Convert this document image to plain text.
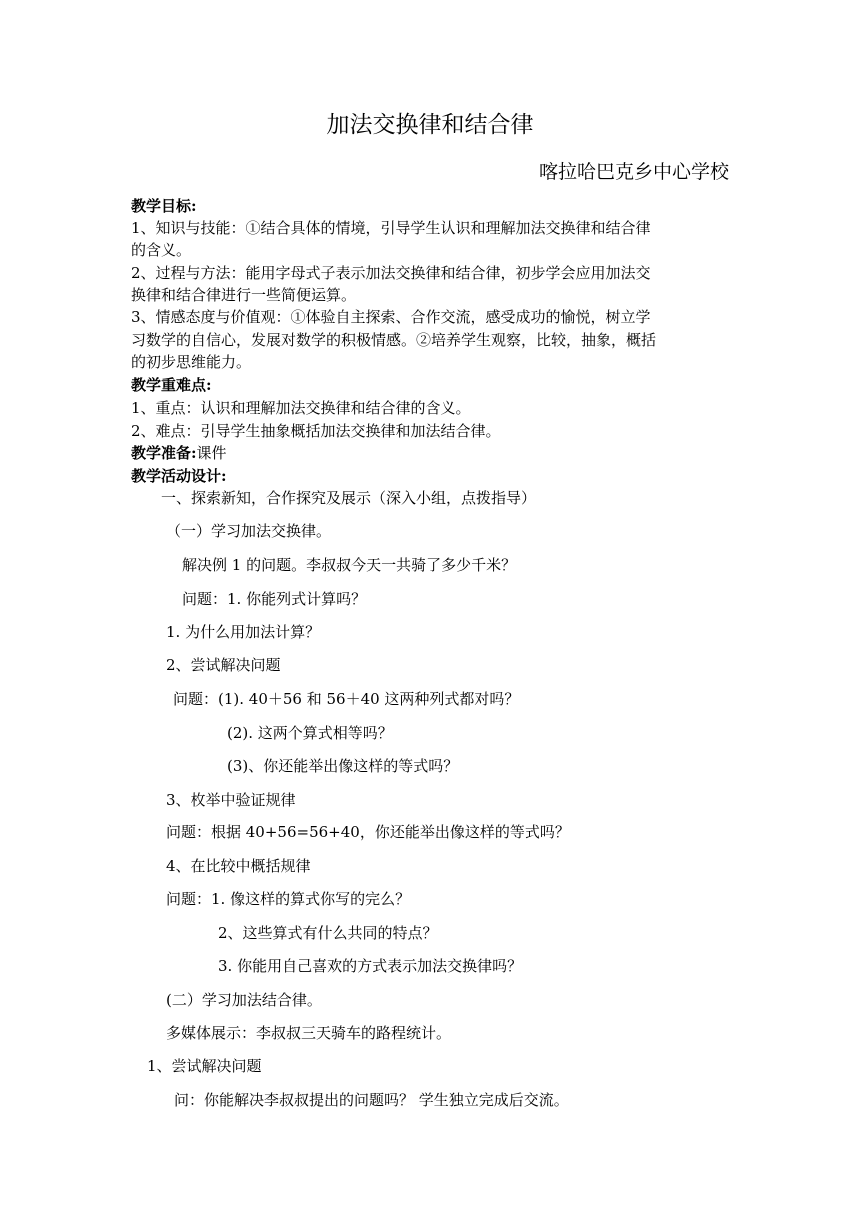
加法交换律和结合律
喀拉哈巴克乡中心学校
教学目标:
1、知识与技能：①结合具体的情境，引导学生认识和理解加法交换律和结合律
的含义。
2、过程与方法：能用字母式子表示加法交换律和结合律，初步学会应用加法交
换律和结合律进行一些简便运算。
3、情感态度与价值观：①体验自主探索、合作交流，感受成功的愉悦，树立学
习数学的自信心，发展对数学的积极情感。②培养学生观察，比较，抽象，概括
的初步思维能力。
教学重难点:
1、重点：认识和理解加法交换律和结合律的含义。
2、难点：引导学生抽象概括加法交换律和加法结合律。
教学准备:课件
教学活动设计:
一、探索新知，合作探究及展示（深入小组，点拨指导）
（一）学习加法交换律。
解决例 1 的问题。李叔叔今天一共骑了多少千米？
问题：1. 你能列式计算吗？
1. 为什么用加法计算？
2、尝试解决问题
问题：(1). 40＋56 和 56＋40 这两种列式都对吗？
(2). 这两个算式相等吗？
(3)、你还能举出像这样的等式吗？
3、枚举中验证规律
问题：根据 40+56=56+40，你还能举出像这样的等式吗？
4、在比较中概括规律
问题：1. 像这样的算式你写的完么？
2、这些算式有什么共同的特点？
3. 你能用自己喜欢的方式表示加法交换律吗？
(二）学习加法结合律。
多媒体展示：李叔叔三天骑车的路程统计。
1、尝试解决问题
问：你能解决李叔叔提出的问题吗？ 学生独立完成后交流。
